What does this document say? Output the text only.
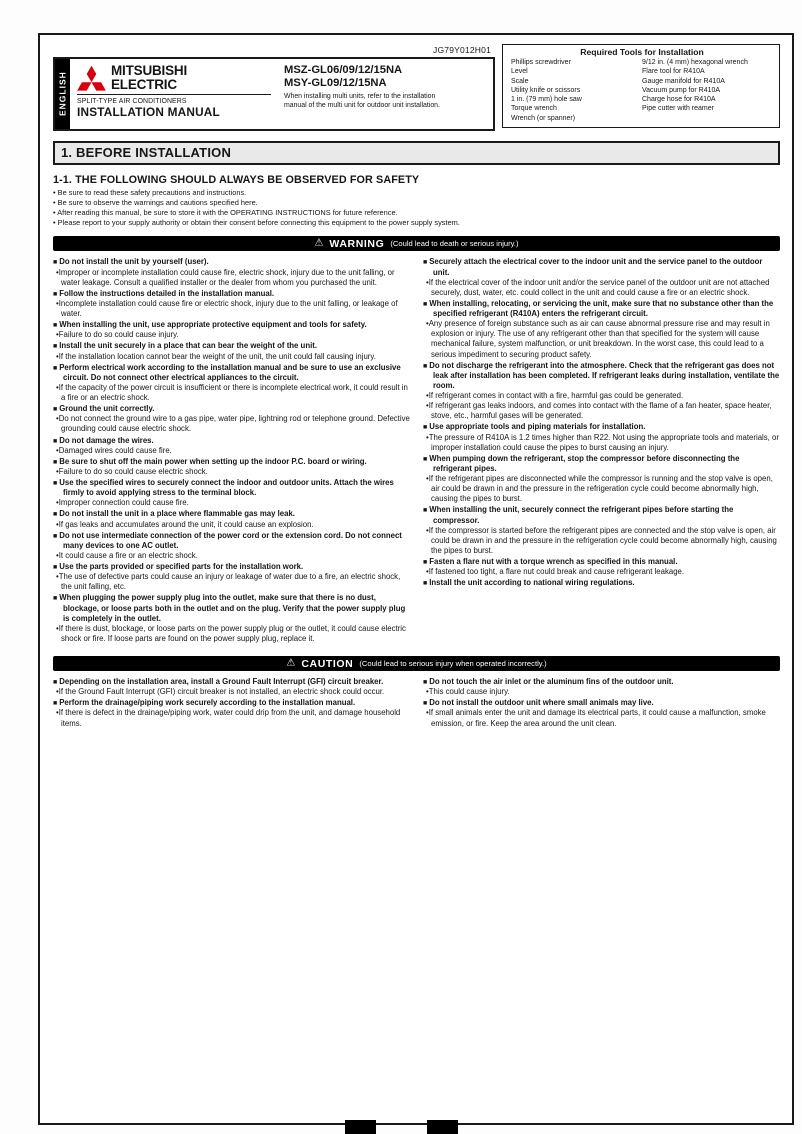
JG79Y012H01
ENGLISH
MITSUBISHI
ELECTRIC
SPLIT-TYPE AIR CONDITIONERS
INSTALLATION MANUAL
MSZ-GL06/09/12/15NA
MSY-GL09/12/15NA
When installing multi units, refer to the installation manual of the multi unit for outdoor unit installation.
Required Tools for Installation
Phillips screwdriver
Level
Scale
Utility knife or scissors
1 in. (79 mm) hole saw
Torque wrench
Wrench (or spanner)
9/12 in. (4 mm) hexagonal wrench
Flare tool for R410A
Gauge manifold for R410A
Vacuum pump for R410A
Charge hose for R410A
Pipe cutter with reamer
1. BEFORE INSTALLATION
1-1. THE FOLLOWING SHOULD ALWAYS BE OBSERVED FOR SAFETY
• Be sure to read these safety precautions and instructions.
• Be sure to observe the warnings and cautions specified here.
• After reading this manual, be sure to store it with the OPERATING INSTRUCTIONS for future reference.
• Please report to your supply authority or obtain their consent before connecting this equipment to the power supply system.
⚠ WARNING (Could lead to death or serious injury.)
■ Do not install the unit by yourself (user).
• Improper or incomplete installation could cause fire, electric shock, injury due to the unit falling, or water leakage. Consult a qualified installer or the dealer from whom you purchased the unit.
■ Follow the instructions detailed in the installation manual.
• Incomplete installation could cause fire or electric shock, injury due to the unit falling, or leakage of water.
■ When installing the unit, use appropriate protective equipment and tools for safety.
• Failure to do so could cause injury.
■ Install the unit securely in a place that can bear the weight of the unit.
• If the installation location cannot bear the weight of the unit, the unit could fall causing injury.
■ Perform electrical work according to the installation manual and be sure to use an exclusive circuit. Do not connect other electrical appliances to the circuit.
• If the capacity of the power circuit is insufficient or there is incomplete electrical work, it could result in a fire or an electric shock.
■ Ground the unit correctly.
• Do not connect the ground wire to a gas pipe, water pipe, lightning rod or telephone ground. Defective grounding could cause electric shock.
■ Do not damage the wires.
• Damaged wires could cause fire.
■ Be sure to shut off the main power when setting up the indoor P.C. board or wiring.
• Failure to do so could cause electric shock.
■ Use the specified wires to securely connect the indoor and outdoor units. Attach the wires firmly to avoid applying stress to the terminal block.
• Improper connection could cause fire.
■ Do not install the unit in a place where flammable gas may leak.
• If gas leaks and accumulates around the unit, it could cause an explosion.
■ Do not use intermediate connection of the power cord or the extension cord. Do not connect many devices to one AC outlet.
• It could cause a fire or an electric shock.
■ Use the parts provided or specified parts for the installation work.
• The use of defective parts could cause an injury or leakage of water due to a fire, an electric shock, the unit falling, etc.
■ When plugging the power supply plug into the outlet, make sure that there is no dust, blockage, or loose parts both in the outlet and on the plug. Verify that the power supply plug is completely in the outlet.
• If there is dust, blockage, or loose parts on the power supply plug or the outlet, it could cause electric shock or fire. If loose parts are found on the power supply plug, replace it.
■ Securely attach the electrical cover to the indoor unit and the service panel to the outdoor unit.
• If the electrical cover of the indoor unit and/or the service panel of the outdoor unit are not attached securely, dust, water, etc. could collect in the unit and could cause a fire or an electric shock.
■ When installing, relocating, or servicing the unit, make sure that no substance other than the specified refrigerant (R410A) enters the refrigerant circuit.
• Any presence of foreign substance such as air can cause abnormal pressure rise and may result in explosion or injury. The use of any refrigerant other than that specified for the system will cause mechanical failure, system malfunction, or unit breakdown. In the worst case, this could lead to a serious impediment to securing product safety.
■ Do not discharge the refrigerant into the atmosphere. Check that the refrigerant gas does not leak after installation has been completed. If refrigerant leaks during installation, ventilate the room.
• If refrigerant comes in contact with a fire, harmful gas could be generated.
• If refrigerant gas leaks indoors, and comes into contact with the flame of a fan heater, space heater, stove, etc., harmful gases will be generated.
■ Use appropriate tools and piping materials for installation.
• The pressure of R410A is 1.2 times higher than R22. Not using the appropriate tools and materials, or improper installation could cause the pipes to burst causing an injury.
■ When pumping down the refrigerant, stop the compressor before disconnecting the refrigerant pipes.
• If the refrigerant pipes are disconnected while the compressor is running and the stop valve is open, air could be drawn in and the pressure in the refrigeration cycle could become abnormally high, causing the pipes to burst.
■ When installing the unit, securely connect the refrigerant pipes before starting the compressor.
• If the compressor is started before the refrigerant pipes are connected and the stop valve is open, air could be drawn in and the pressure in the refrigeration cycle could become abnormally high, causing the pipes to burst.
■ Fasten a flare nut with a torque wrench as specified in this manual.
• If fastened too tight, a flare nut could break and cause refrigerant leakage.
■ Install the unit according to national wiring regulations.
⚠ CAUTION (Could lead to serious injury when operated incorrectly.)
■ Depending on the installation area, install a Ground Fault Interrupt (GFI) circuit breaker.
• If the Ground Fault Interrupt (GFI) circuit breaker is not installed, an electric shock could occur.
■ Perform the drainage/piping work securely according to the installation manual.
• If there is defect in the drainage/piping work, water could drip from the unit, and damage household items.
■ Do not touch the air inlet or the aluminum fins of the outdoor unit.
• This could cause injury.
■ Do not install the outdoor unit where small animals may live.
• If small animals enter the unit and damage its electrical parts, it could cause a malfunction, smoke emission, or fire. Keep the area around the unit clean.
